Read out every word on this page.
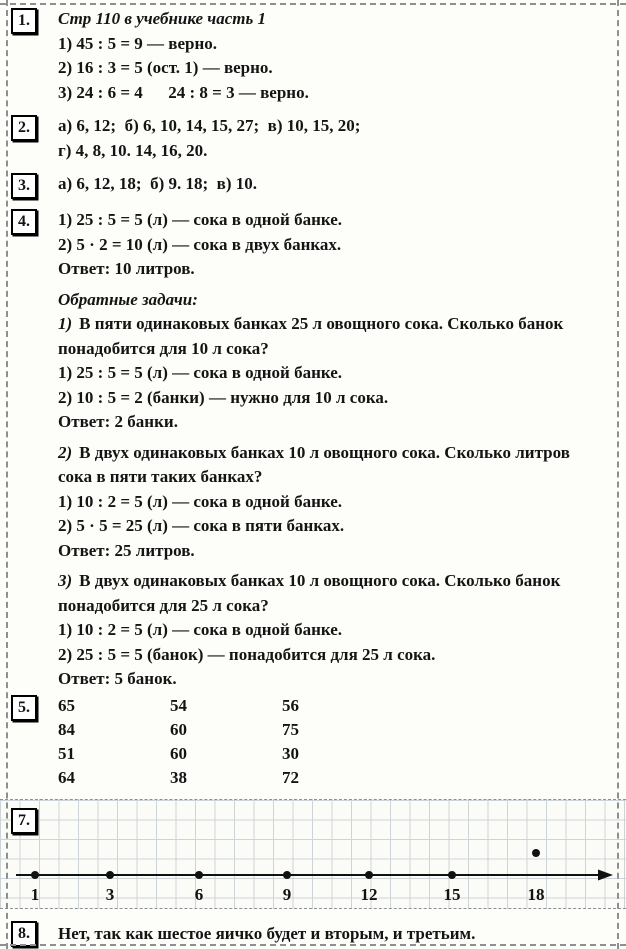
1.	Стр 110 в учебнике часть 1

1) 45 : 5 = 9 — верно.

2) 16 : 3 = 5 (ост. 1) — верно.

3) 24 : 6 = 4      24 : 8 = 3 — верно.

2.	а) 6, 12;  б) 6, 10, 14, 15, 27;  в) 10, 15, 20;

г) 4, 8, 10. 14, 16, 20.

3.	а) 6, 12, 18;  б) 9. 18;  в) 10.

4.	1) 25 : 5 = 5 (л) — сока в одной банке.

2) 5 · 2 = 10 (л) — сока в двух банках.

Ответ: 10 литров.

Обратные задачи:

1) В пяти одинаковых банках 25 л овощного сока. Сколько банок понадобится для 10 л сока?

1) 25 : 5 = 5 (л) — сока в одной банке.

2) 10 : 5 = 2 (банки) — нужно для 10 л сока.

Ответ: 2 банки.

2) В двух одинаковых банках 10 л овощного сока. Сколько литров сока в пяти таких банках?

1) 10 : 2 = 5 (л) — сока в одной банке.

2) 5 · 5 = 25 (л) — сока в пяти банках.

Ответ: 25 литров.

3) В двух одинаковых банках 10 л овощного сока. Сколько банок понадобится для 25 л сока?

1) 10 : 2 = 5 (л) — сока в одной банке.

2) 25 : 5 = 5 (банок) — понадобится для 25 л сока.

Ответ: 5 банок.

5.	65	54	56
84	60	75
51	60	30
64	38	72
7.
1	3	6	9	12	15	18
8.	Нет, так как шестое яичко будет и вторым, и третьим.
